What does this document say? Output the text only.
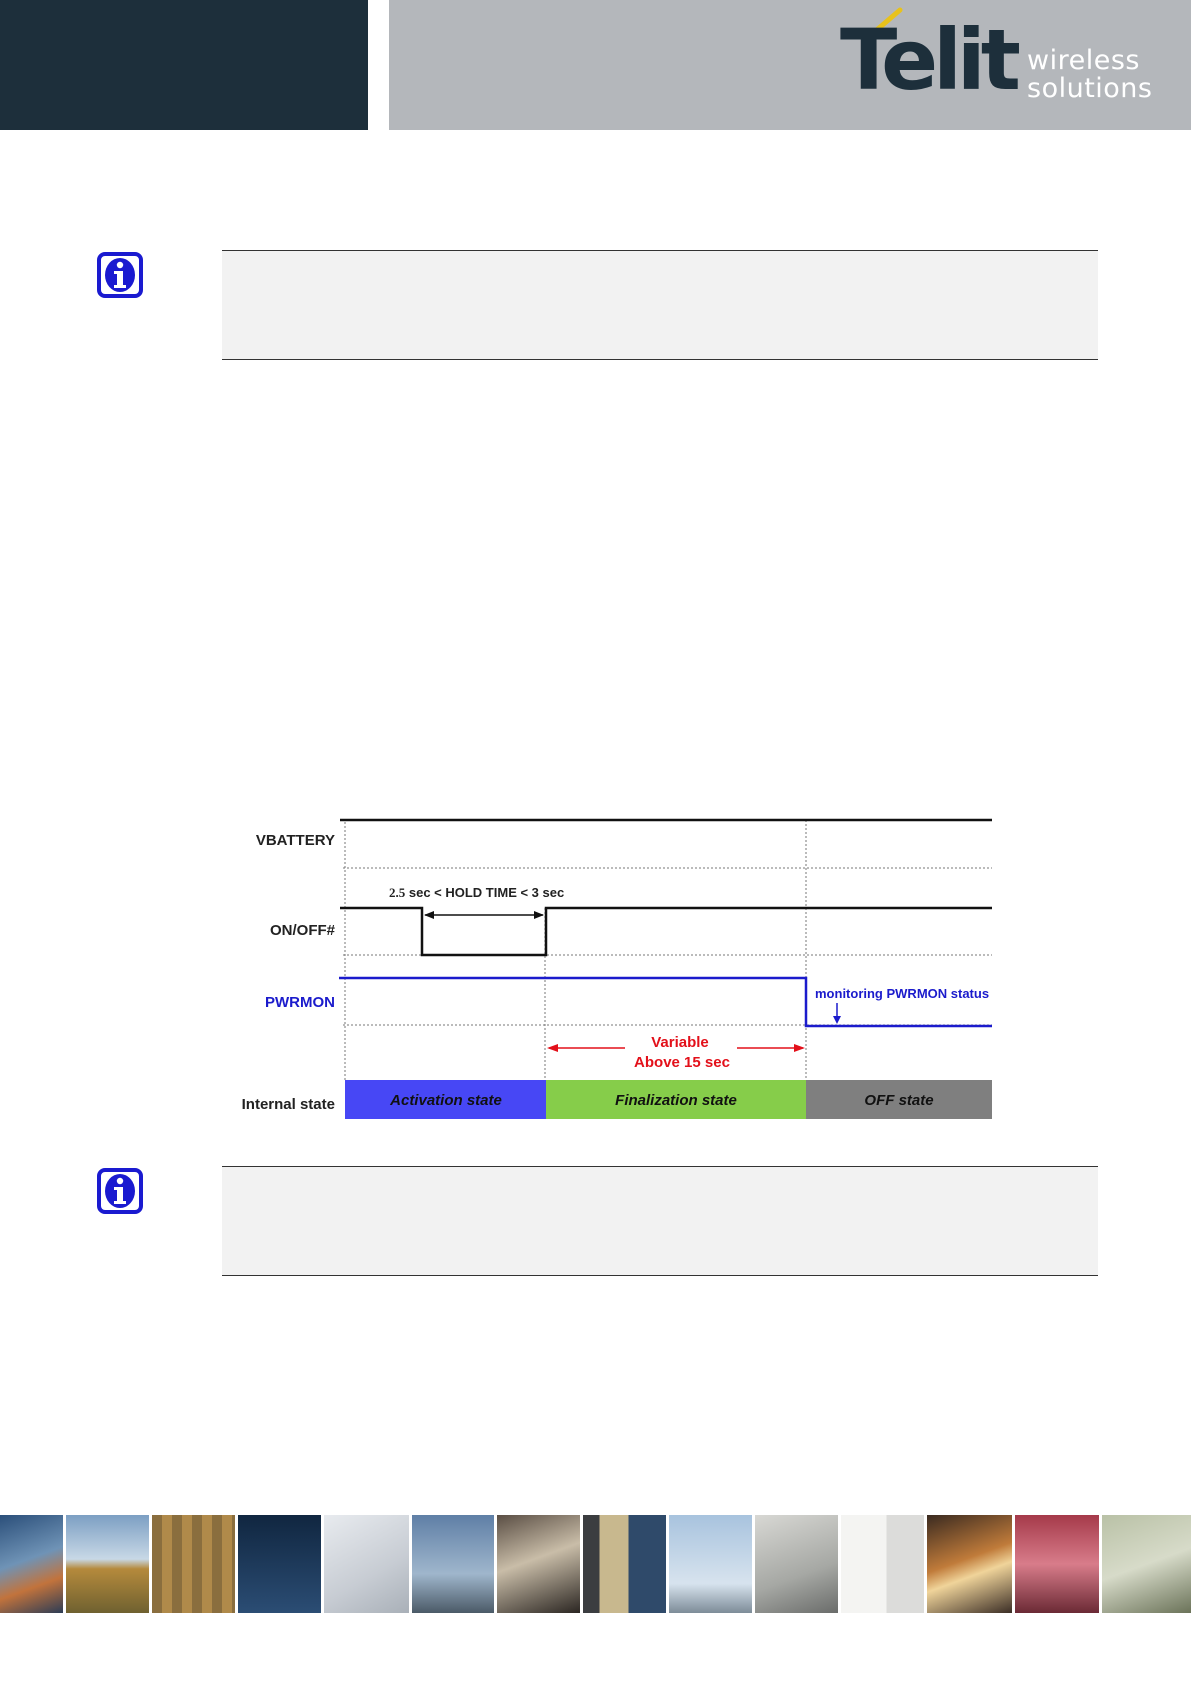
Telit wireless
solutions
VBATTERY
ON/OFF#
2.5 sec < HOLD TIME < 3 sec
PWRMON
monitoring PWRMON status
Variable
Above 15 sec
Internal state	Activation state	Finalization state	OFF state
